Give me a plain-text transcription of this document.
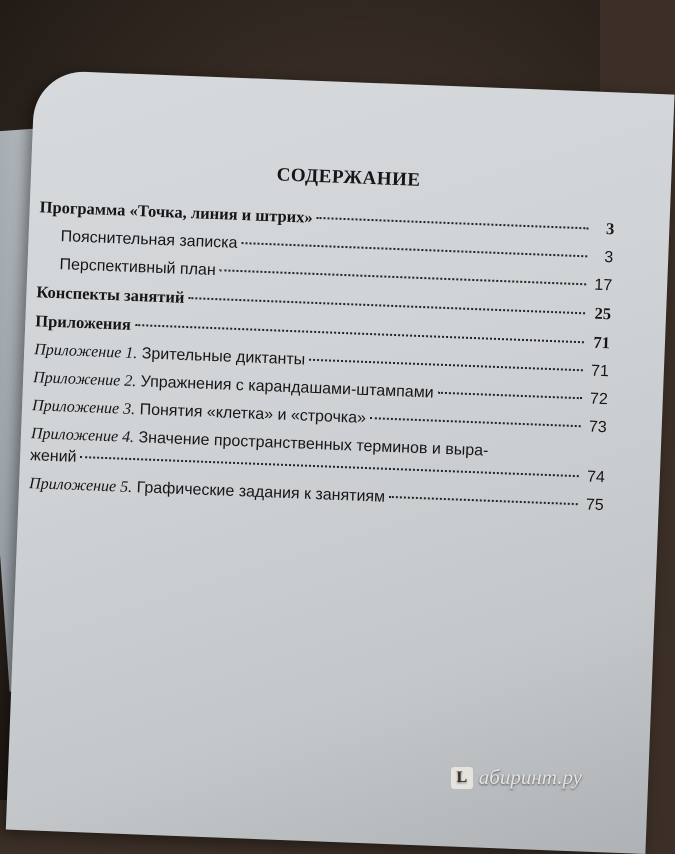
СОДЕРЖАНИЕ
Программа «Точка, линия и штрих»
3
Пояснительная записка
3
Перспективный план
17
Конспекты занятий
25
Приложения
71
Приложение 1. Зрительные диктанты
71
Приложение 2. Упражнения с карандашами-штампами	72
Приложение 3. Понятия «клетка» и «строчка»
73
Приложение 4. Значение пространственных терминов и выра-
жений
74
Приложение 5. Графические задания к занятиям	75
L абиринт.ру
